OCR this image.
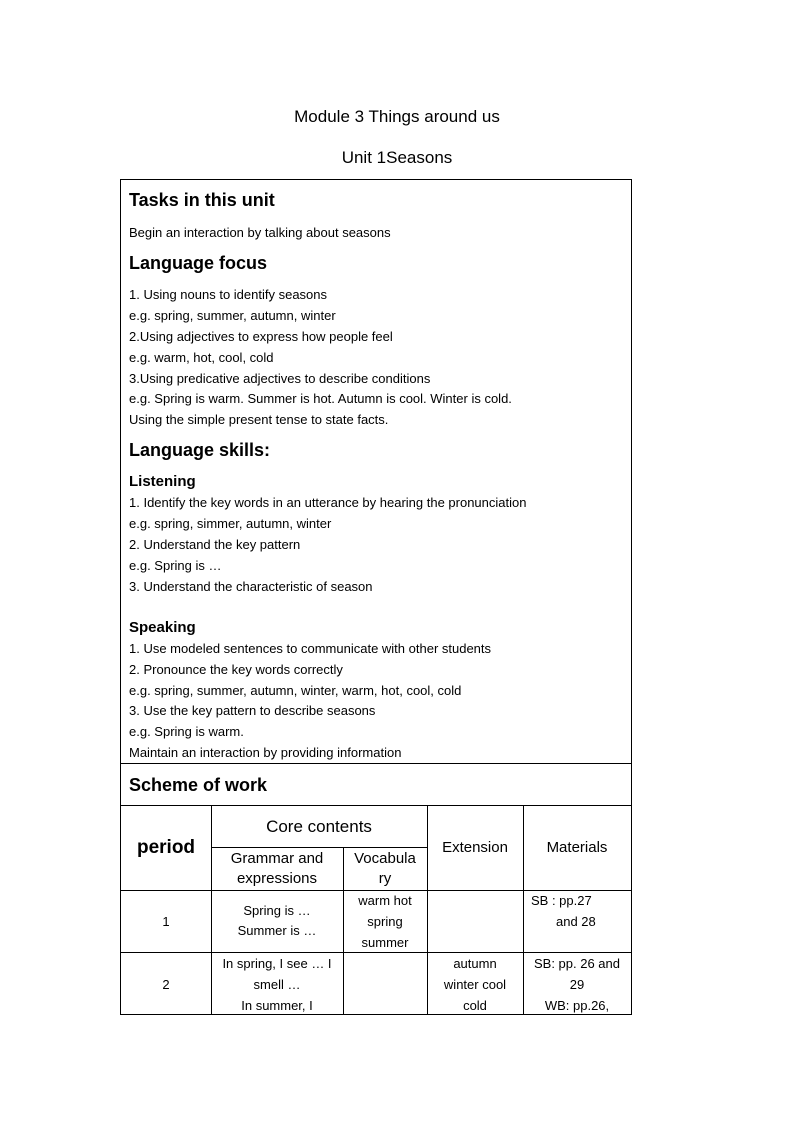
Module 3 Things around us
Unit 1Seasons
Tasks in this unit
Begin an interaction by talking about seasons
Language focus
1. Using nouns to identify seasons
e.g. spring, summer, autumn, winter
2.Using adjectives to express how people feel
e.g. warm, hot, cool, cold
3.Using predicative adjectives to describe conditions
e.g. Spring is warm. Summer is hot. Autumn is cool. Winter is cold.
Using the simple present tense to state facts.
Language skills:
Listening
1. Identify the key words in an utterance by hearing the pronunciation
e.g. spring, simmer, autumn, winter
2. Understand the key pattern
e.g. Spring is …
3. Understand the characteristic of season
Speaking
1. Use modeled sentences to communicate with other students
2. Pronounce the key words correctly
e.g. spring, summer, autumn, winter, warm, hot, cool, cold
3. Use the key pattern to describe seasons
e.g. Spring is warm.
Maintain an interaction by providing information
Scheme of work
period
Core contents
Grammar and
expressions
Vocabula
ry
Extension	Materials
1
Spring is …
Summer is …
warm hot
spring
summer
SB : pp.27
and 28
2
In spring, I see … I
smell …
In summer, I
autumn
winter cool
cold
SB: pp. 26 and
29
WB: pp.26,
